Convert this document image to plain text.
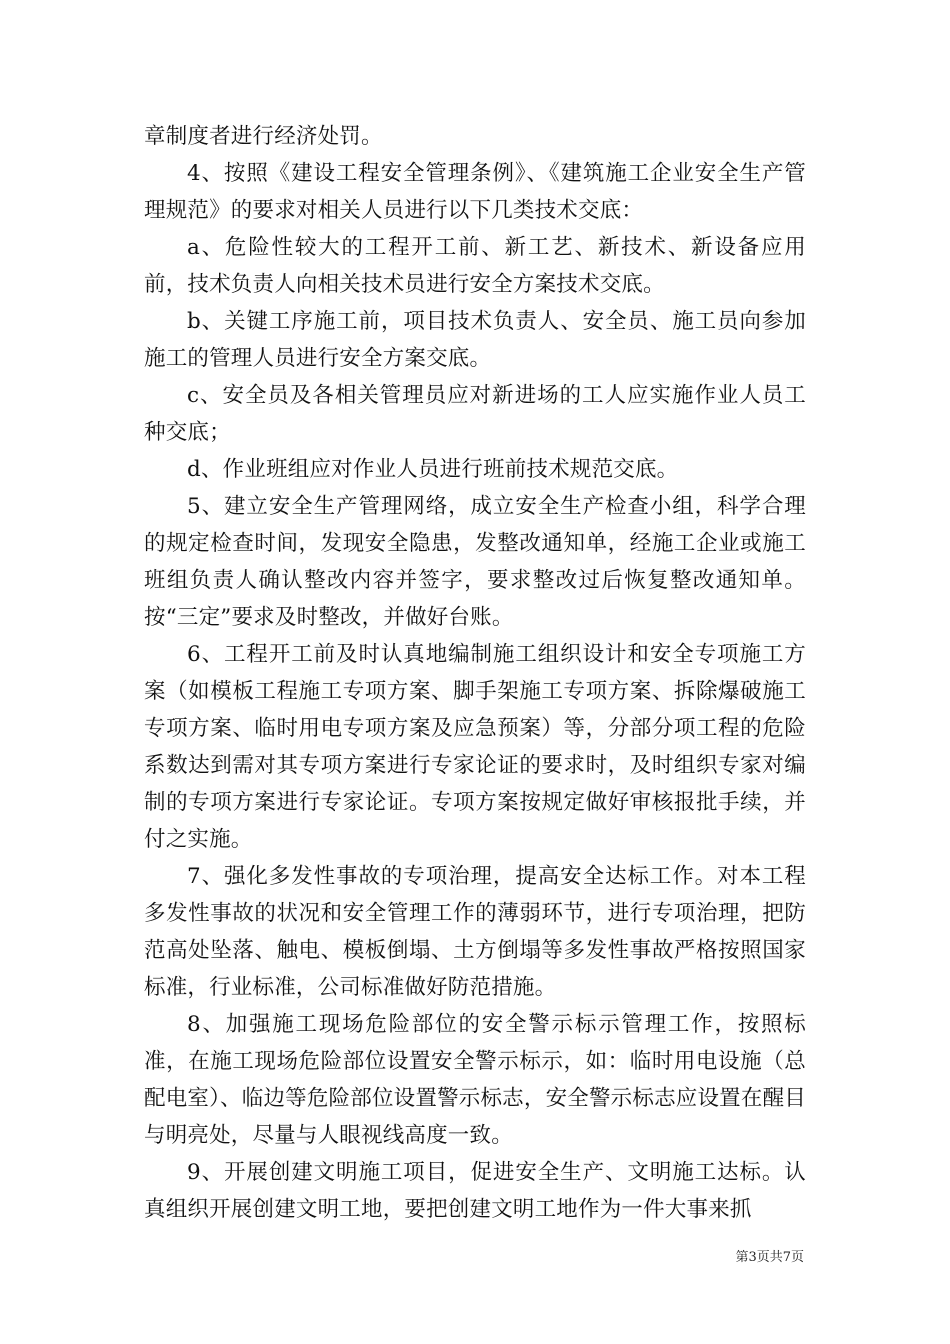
章制度者进行经济处罚。

4、按照《建设工程安全管理条例》、《建筑施工企业安全生产管理规范》的要求对相关人员进行以下几类技术交底：

a、危险性较大的工程开工前、新工艺、新技术、新设备应用前，技术负责人向相关技术员进行安全方案技术交底。

b、关键工序施工前，项目技术负责人、安全员、施工员向参加施工的管理人员进行安全方案交底。

c、安全员及各相关管理员应对新进场的工人应实施作业人员工种交底；

d、作业班组应对作业人员进行班前技术规范交底。

5、建立安全生产管理网络，成立安全生产检查小组，科学合理的规定检查时间，发现安全隐患，发整改通知单，经施工企业或施工班组负责人确认整改内容并签字，要求整改过后恢复整改通知单。按“三定”要求及时整改，并做好台账。

6、工程开工前及时认真地编制施工组织设计和安全专项施工方案（如模板工程施工专项方案、脚手架施工专项方案、拆除爆破施工专项方案、临时用电专项方案及应急预案）等，分部分项工程的危险系数达到需对其专项方案进行专家论证的要求时，及时组织专家对编制的专项方案进行专家论证。专项方案按规定做好审核报批手续，并付之实施。

7、强化多发性事故的专项治理，提高安全达标工作。对本工程多发性事故的状况和安全管理工作的薄弱环节，进行专项治理，把防范高处坠落、触电、模板倒塌、土方倒塌等多发性事故严格按照国家标准，行业标准，公司标准做好防范措施。

8、加强施工现场危险部位的安全警示标示管理工作，按照标准，在施工现场危险部位设置安全警示标示，如：临时用电设施（总配电室）、临边等危险部位设置警示标志，安全警示标志应设置在醒目与明亮处，尽量与人眼视线高度一致。

9、开展创建文明施工项目，促进安全生产、文明施工达标。认真组织开展创建文明工地，要把创建文明工地作为一件大事来抓

第3页共7页
